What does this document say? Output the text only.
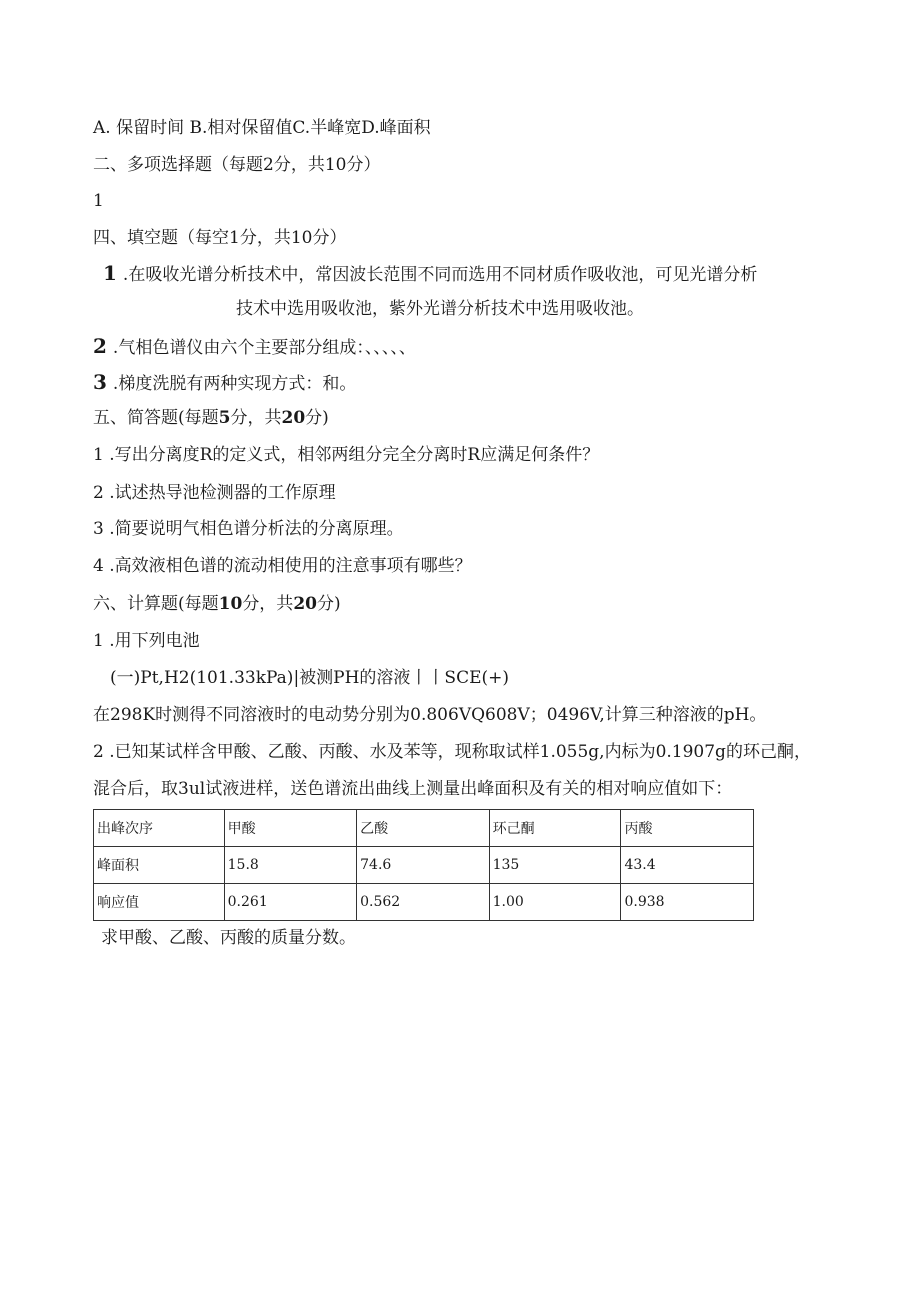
A. 保留时间 B.相对保留值C.半峰宽D.峰面积
二、多项选择题（每题2分，共10分）
1
四、填空题（每空1分，共10分）
1 .在吸收光谱分析技术中，常因波长范围不同而选用不同材质作吸收池，可见光谱分析
技术中选用吸收池，紫外光谱分析技术中选用吸收池。
2 .气相色谱仪由六个主要部分组成：、、、、、
3 .梯度洗脱有两种实现方式：和。
五、简答题(每题5分，共20分)
1 .写出分离度R的定义式，相邻两组分完全分离时R应满足何条件？
2 .试述热导池检测器的工作原理
3 .简要说明气相色谱分析法的分离原理。
4 .高效液相色谱的流动相使用的注意事项有哪些？
六、计算题(每题10分，共20分)
1 .用下列电池
(一)Pt,H2(101.33kPa)|被测PH的溶液丨丨SCE(+)
在298K时测得不同溶液时的电动势分别为0.806VQ608V；0496V,计算三种溶液的pH。
2 .已知某试样含甲酸、乙酸、丙酸、水及苯等，现称取试样1.055g,内标为0.1907g的环己酮，
混合后，取3ul试液进样，送色谱流出曲线上测量出峰面积及有关的相对响应值如下：
出峰次序	甲酸	乙酸	环己酮	丙酸
峰面积	15.8	74.6	135	43.4
响应值	0.261	0.562	1.00	0.938
求甲酸、乙酸、丙酸的质量分数。
